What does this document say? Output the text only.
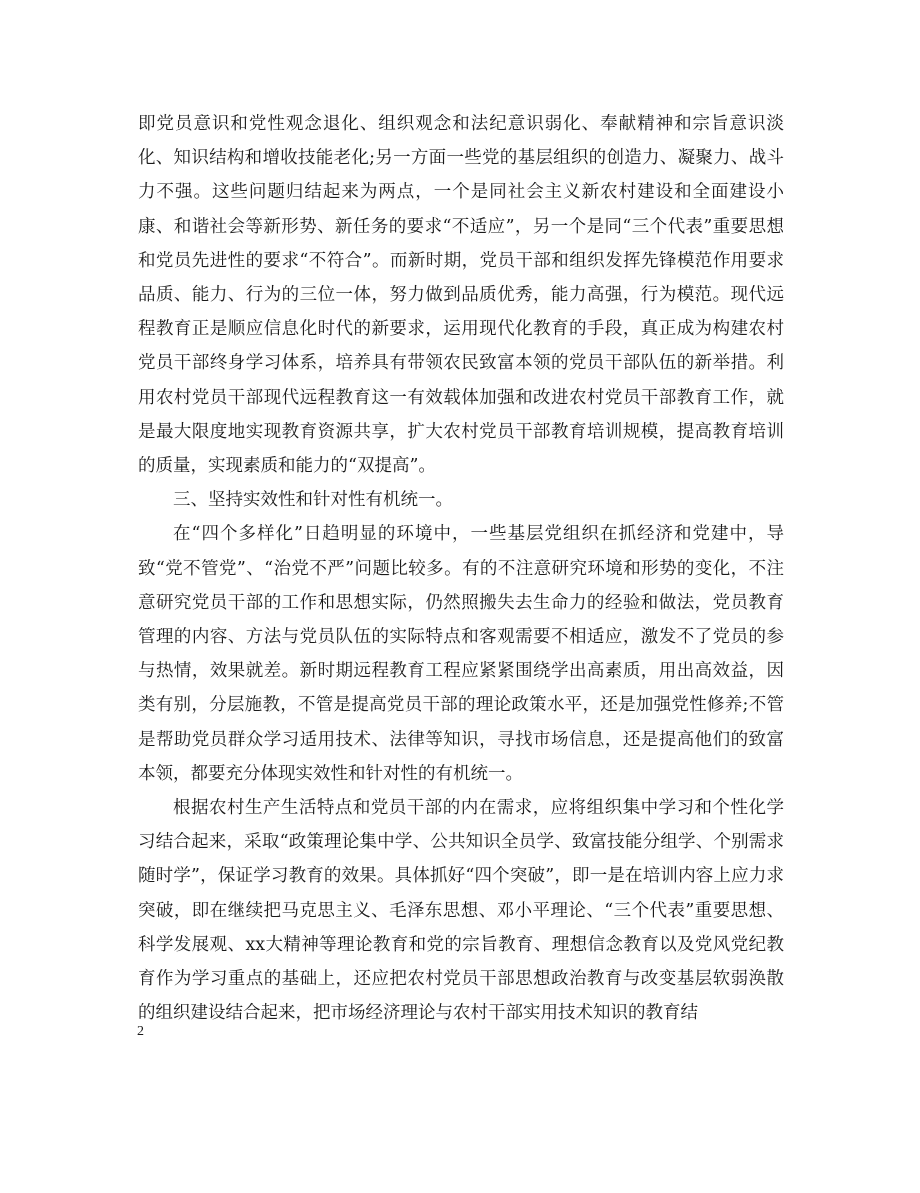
即党员意识和党性观念退化、组织观念和法纪意识弱化、奉献精神和宗旨意识淡化、知识结构和增收技能老化;另一方面一些党的基层组织的创造力、凝聚力、战斗力不强。这些问题归结起来为两点，一个是同社会主义新农村建设和全面建设小康、和谐社会等新形势、新任务的要求“不适应”，另一个是同“三个代表”重要思想和党员先进性的要求“不符合”。而新时期，党员干部和组织发挥先锋模范作用要求品质、能力、行为的三位一体，努力做到品质优秀，能力高强，行为模范。现代远程教育正是顺应信息化时代的新要求，运用现代化教育的手段，真正成为构建农村党员干部终身学习体系，培养具有带领农民致富本领的党员干部队伍的新举措。利用农村党员干部现代远程教育这一有效载体加强和改进农村党员干部教育工作，就是最大限度地实现教育资源共享，扩大农村党员干部教育培训规模，提高教育培训的质量，实现素质和能力的“双提高”。

三、坚持实效性和针对性有机统一。

在“四个多样化”日趋明显的环境中，一些基层党组织在抓经济和党建中，导致“党不管党”、“治党不严”问题比较多。有的不注意研究环境和形势的变化，不注意研究党员干部的工作和思想实际，仍然照搬失去生命力的经验和做法，党员教育管理的内容、方法与党员队伍的实际特点和客观需要不相适应，激发不了党员的参与热情，效果就差。新时期远程教育工程应紧紧围绕学出高素质，用出高效益，因类有别，分层施教，不管是提高党员干部的理论政策水平，还是加强党性修养;不管是帮助党员群众学习适用技术、法律等知识，寻找市场信息，还是提高他们的致富本领，都要充分体现实效性和针对性的有机统一。

根据农村生产生活特点和党员干部的内在需求，应将组织集中学习和个性化学习结合起来，采取“政策理论集中学、公共知识全员学、致富技能分组学、个别需求随时学”，保证学习教育的效果。具体抓好“四个突破”，即一是在培训内容上应力求突破，即在继续把马克思主义、毛泽东思想、邓小平理论、“三个代表”重要思想、科学发展观、xx大精神等理论教育和党的宗旨教育、理想信念教育以及党风党纪教育作为学习重点的基础上，还应把农村党员干部思想政治教育与改变基层软弱涣散的组织建设结合起来，把市场经济理论与农村干部实用技术知识的教育结

2
